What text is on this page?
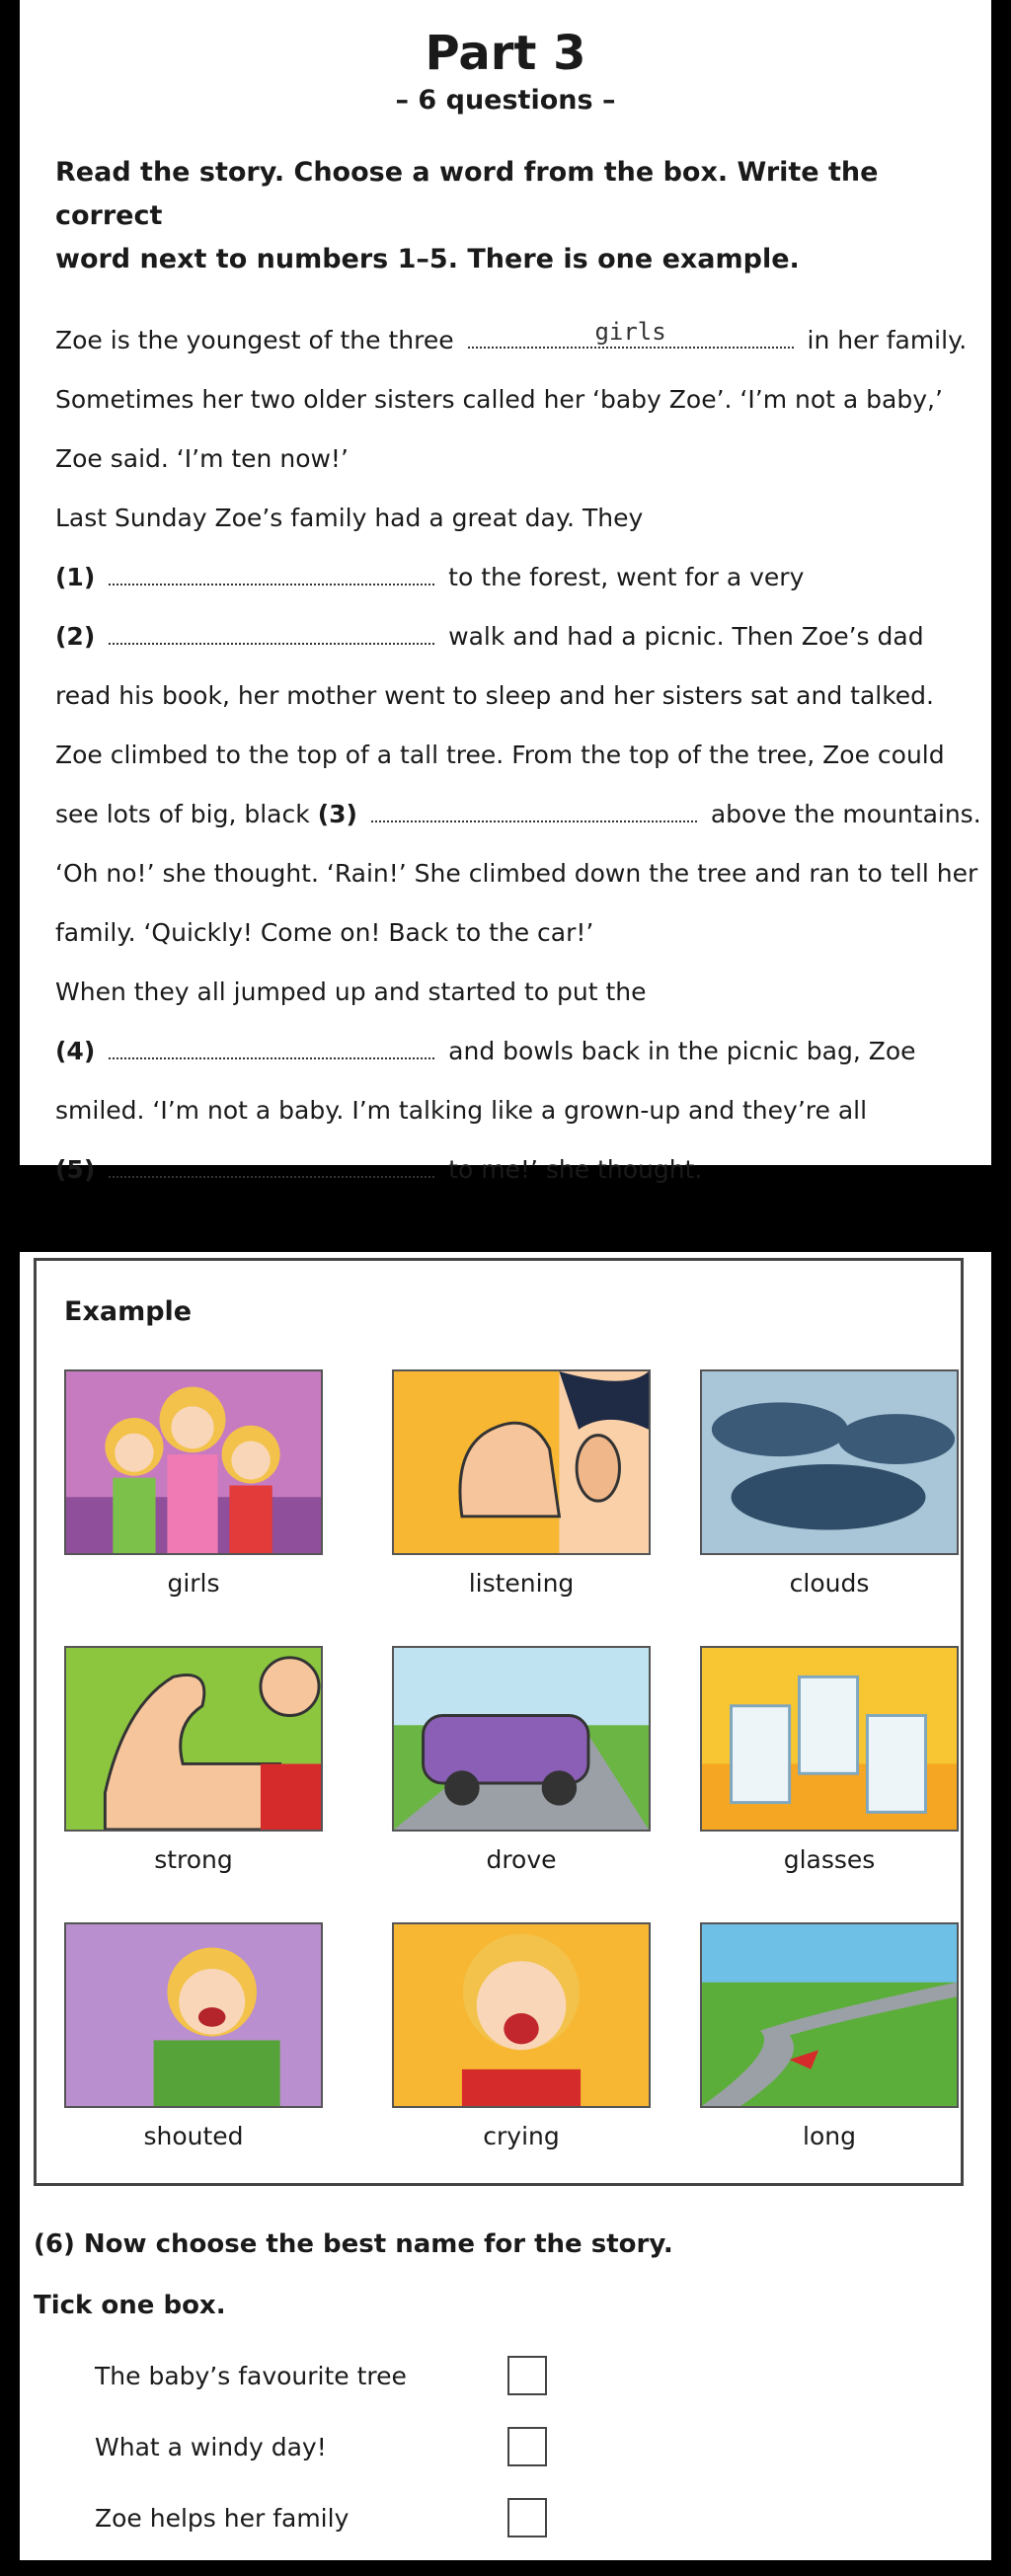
Part 3
– 6 questions –
Read the story. Choose a word from the box. Write the correct
word next to numbers 1–5. There is one example.
Zoe is the youngest of the three	girls	in her family.
Sometimes her two older sisters called her ‘baby Zoe’. ‘I’m not a baby,’
Zoe said. ‘I’m ten now!’
Last Sunday Zoe’s family had a great day. They
(1)	to the forest, went for a very
(2)	walk and had a picnic. Then Zoe’s dad
read his book, her mother went to sleep and her sisters sat and talked.
Zoe climbed to the top of a tall tree. From the top of the tree, Zoe could
see lots of big, black (3)	above the mountains.
‘Oh no!’ she thought. ‘Rain!’ She climbed down the tree and ran to tell her
family. ‘Quickly! Come on! Back to the car!’
When they all jumped up and started to put the
(4)	and bowls back in the picnic bag, Zoe
smiled. ‘I’m not a baby. I’m talking like a grown-up and they’re all
(5)	to me!’ she thought.
Example
girls	listening	clouds
strong	drove	glasses
shouted	crying	long
(6) Now choose the best name for the story.
Tick one box.
The baby’s favourite tree
What a windy day!
Zoe helps her family
